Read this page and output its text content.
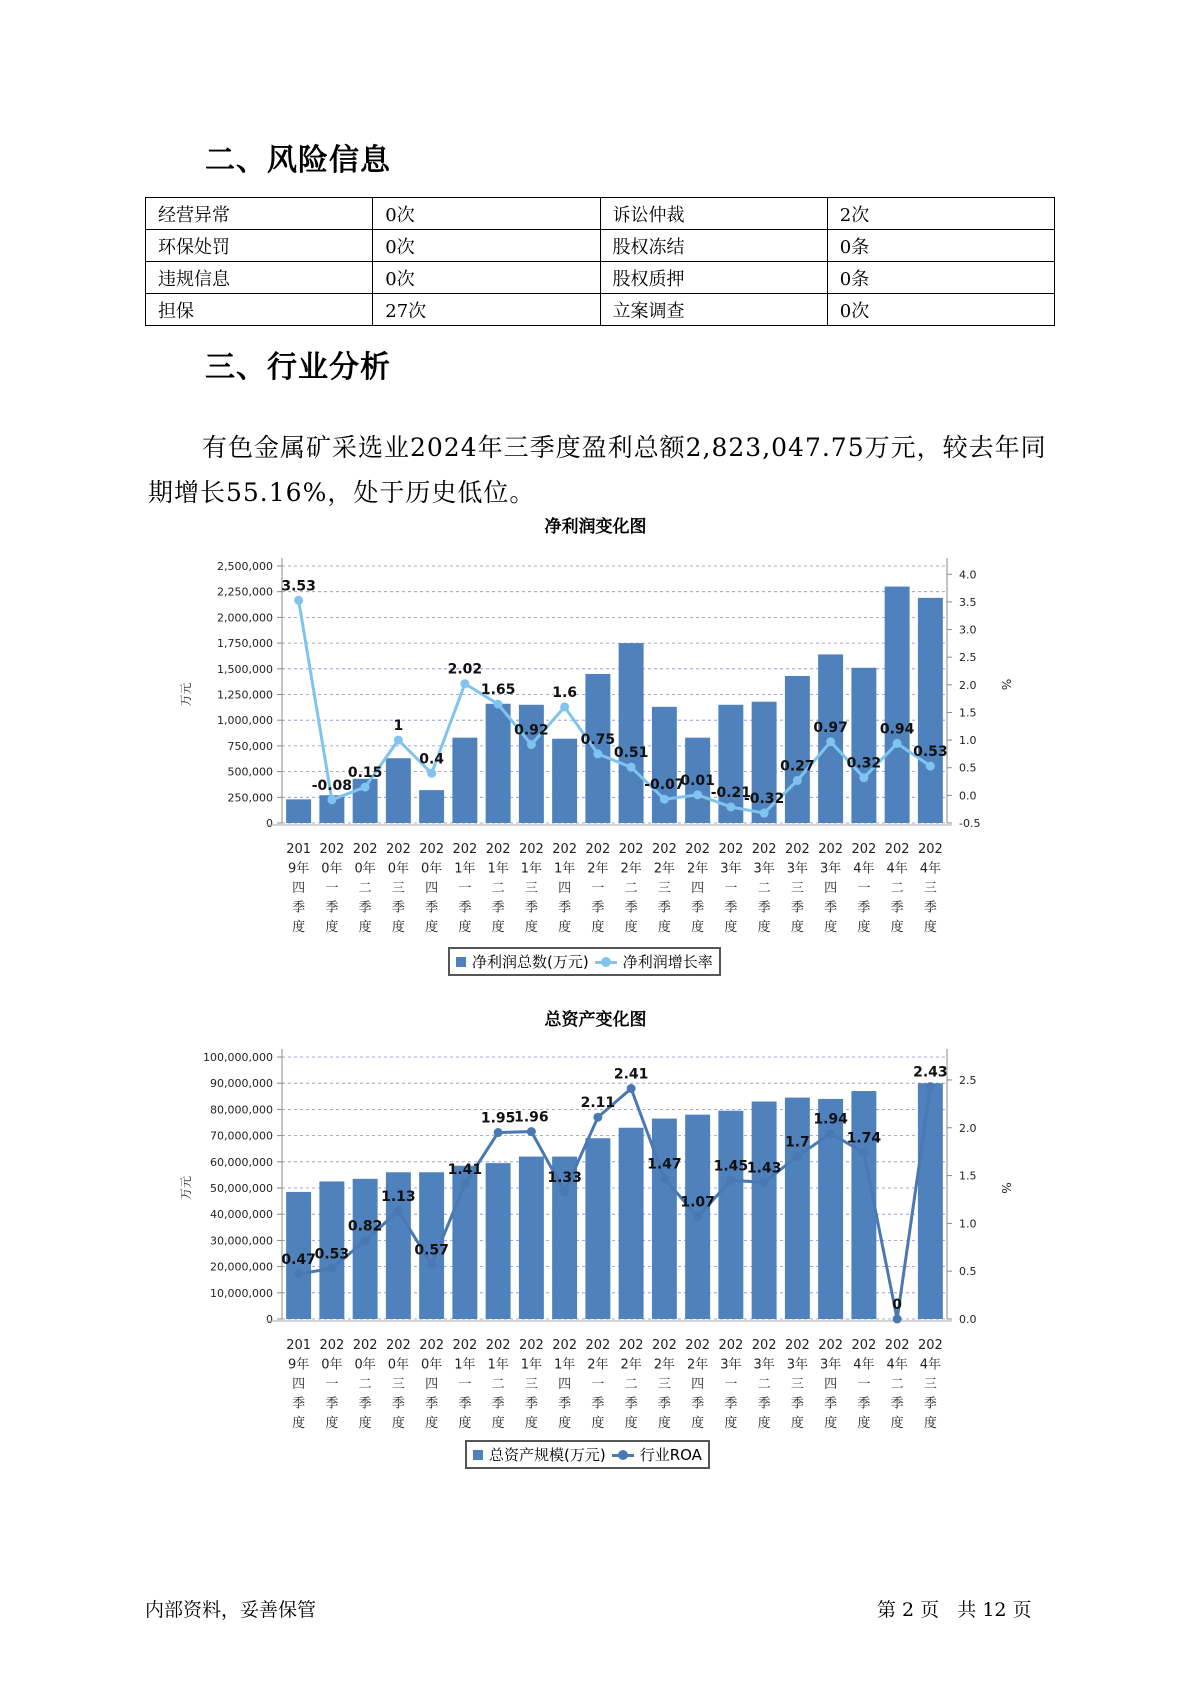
二、风险信息
经营异常	0次	诉讼仲裁	2次
环保处罚	0次	股权冻结	0条
违规信息	0次	股权质押	0条
担保	27次	立案调查	0次
三、行业分析
有色金属矿采选业2024年三季度盈利总额2,823,047.75万元，较去年同期增长55.16%，处于历史低位。
净利润变化图
0
250,000
500,000
750,000
1,000,000
1,250,000
1,500,000
1,750,000
2,000,000
2,250,000
2,500,000
-0.5
0.0
0.5
1.0
1.5
2.0
2.5
3.0
3.5
4.0
万元	%
201
9年
四
季
度
202
0年
一
季
度
202
0年
二
季
度
202
0年
三
季
度
202
0年
四
季
度
202
1年
一
季
度
202
1年
二
季
度
202
1年
三
季
度
202
1年
四
季
度
202
2年
一
季
度
202
2年
二
季
度
202
2年
三
季
度
202
2年
四
季
度
202
3年
一
季
度
202
3年
二
季
度
202
3年
三
季
度
202
3年
四
季
度
202
4年
一
季
度
202
4年
二
季
度
202
4年
三
季
度
3.53
-0.08
0.15
1
0.4
2.02
1.65
0.92
1.6
0.75
0.51
-0.07
0.01
-0.21
-0.32
0.27
0.97
0.32
0.94
0.53
净利润总数(万元) 净利润增长率
总资产变化图
0
10,000,000
20,000,000
30,000,000
40,000,000
50,000,000
60,000,000
70,000,000
80,000,000
90,000,000
100,000,000
0.0
0.5
1.0
1.5
2.0
2.5
万元	%
201
9年
四
季
度
202
0年
一
季
度
202
0年
二
季
度
202
0年
三
季
度
202
0年
四
季
度
202
1年
一
季
度
202
1年
二
季
度
202
1年
三
季
度
202
1年
四
季
度
202
2年
一
季
度
202
2年
二
季
度
202
2年
三
季
度
202
2年
四
季
度
202
3年
一
季
度
202
3年
二
季
度
202
3年
三
季
度
202
3年
四
季
度
202
4年
一
季
度
202
4年
二
季
度
202
4年
三
季
度
0.47
0.53
0.82
1.13
0.57
1.41
1.95
1.96
1.33
2.11
2.41
1.47
1.07
1.45
1.43
1.7
1.94
1.74
0
2.43
总资产规模(万元) 行业ROA
内部资料，妥善保管	第 2 页   共 12 页
